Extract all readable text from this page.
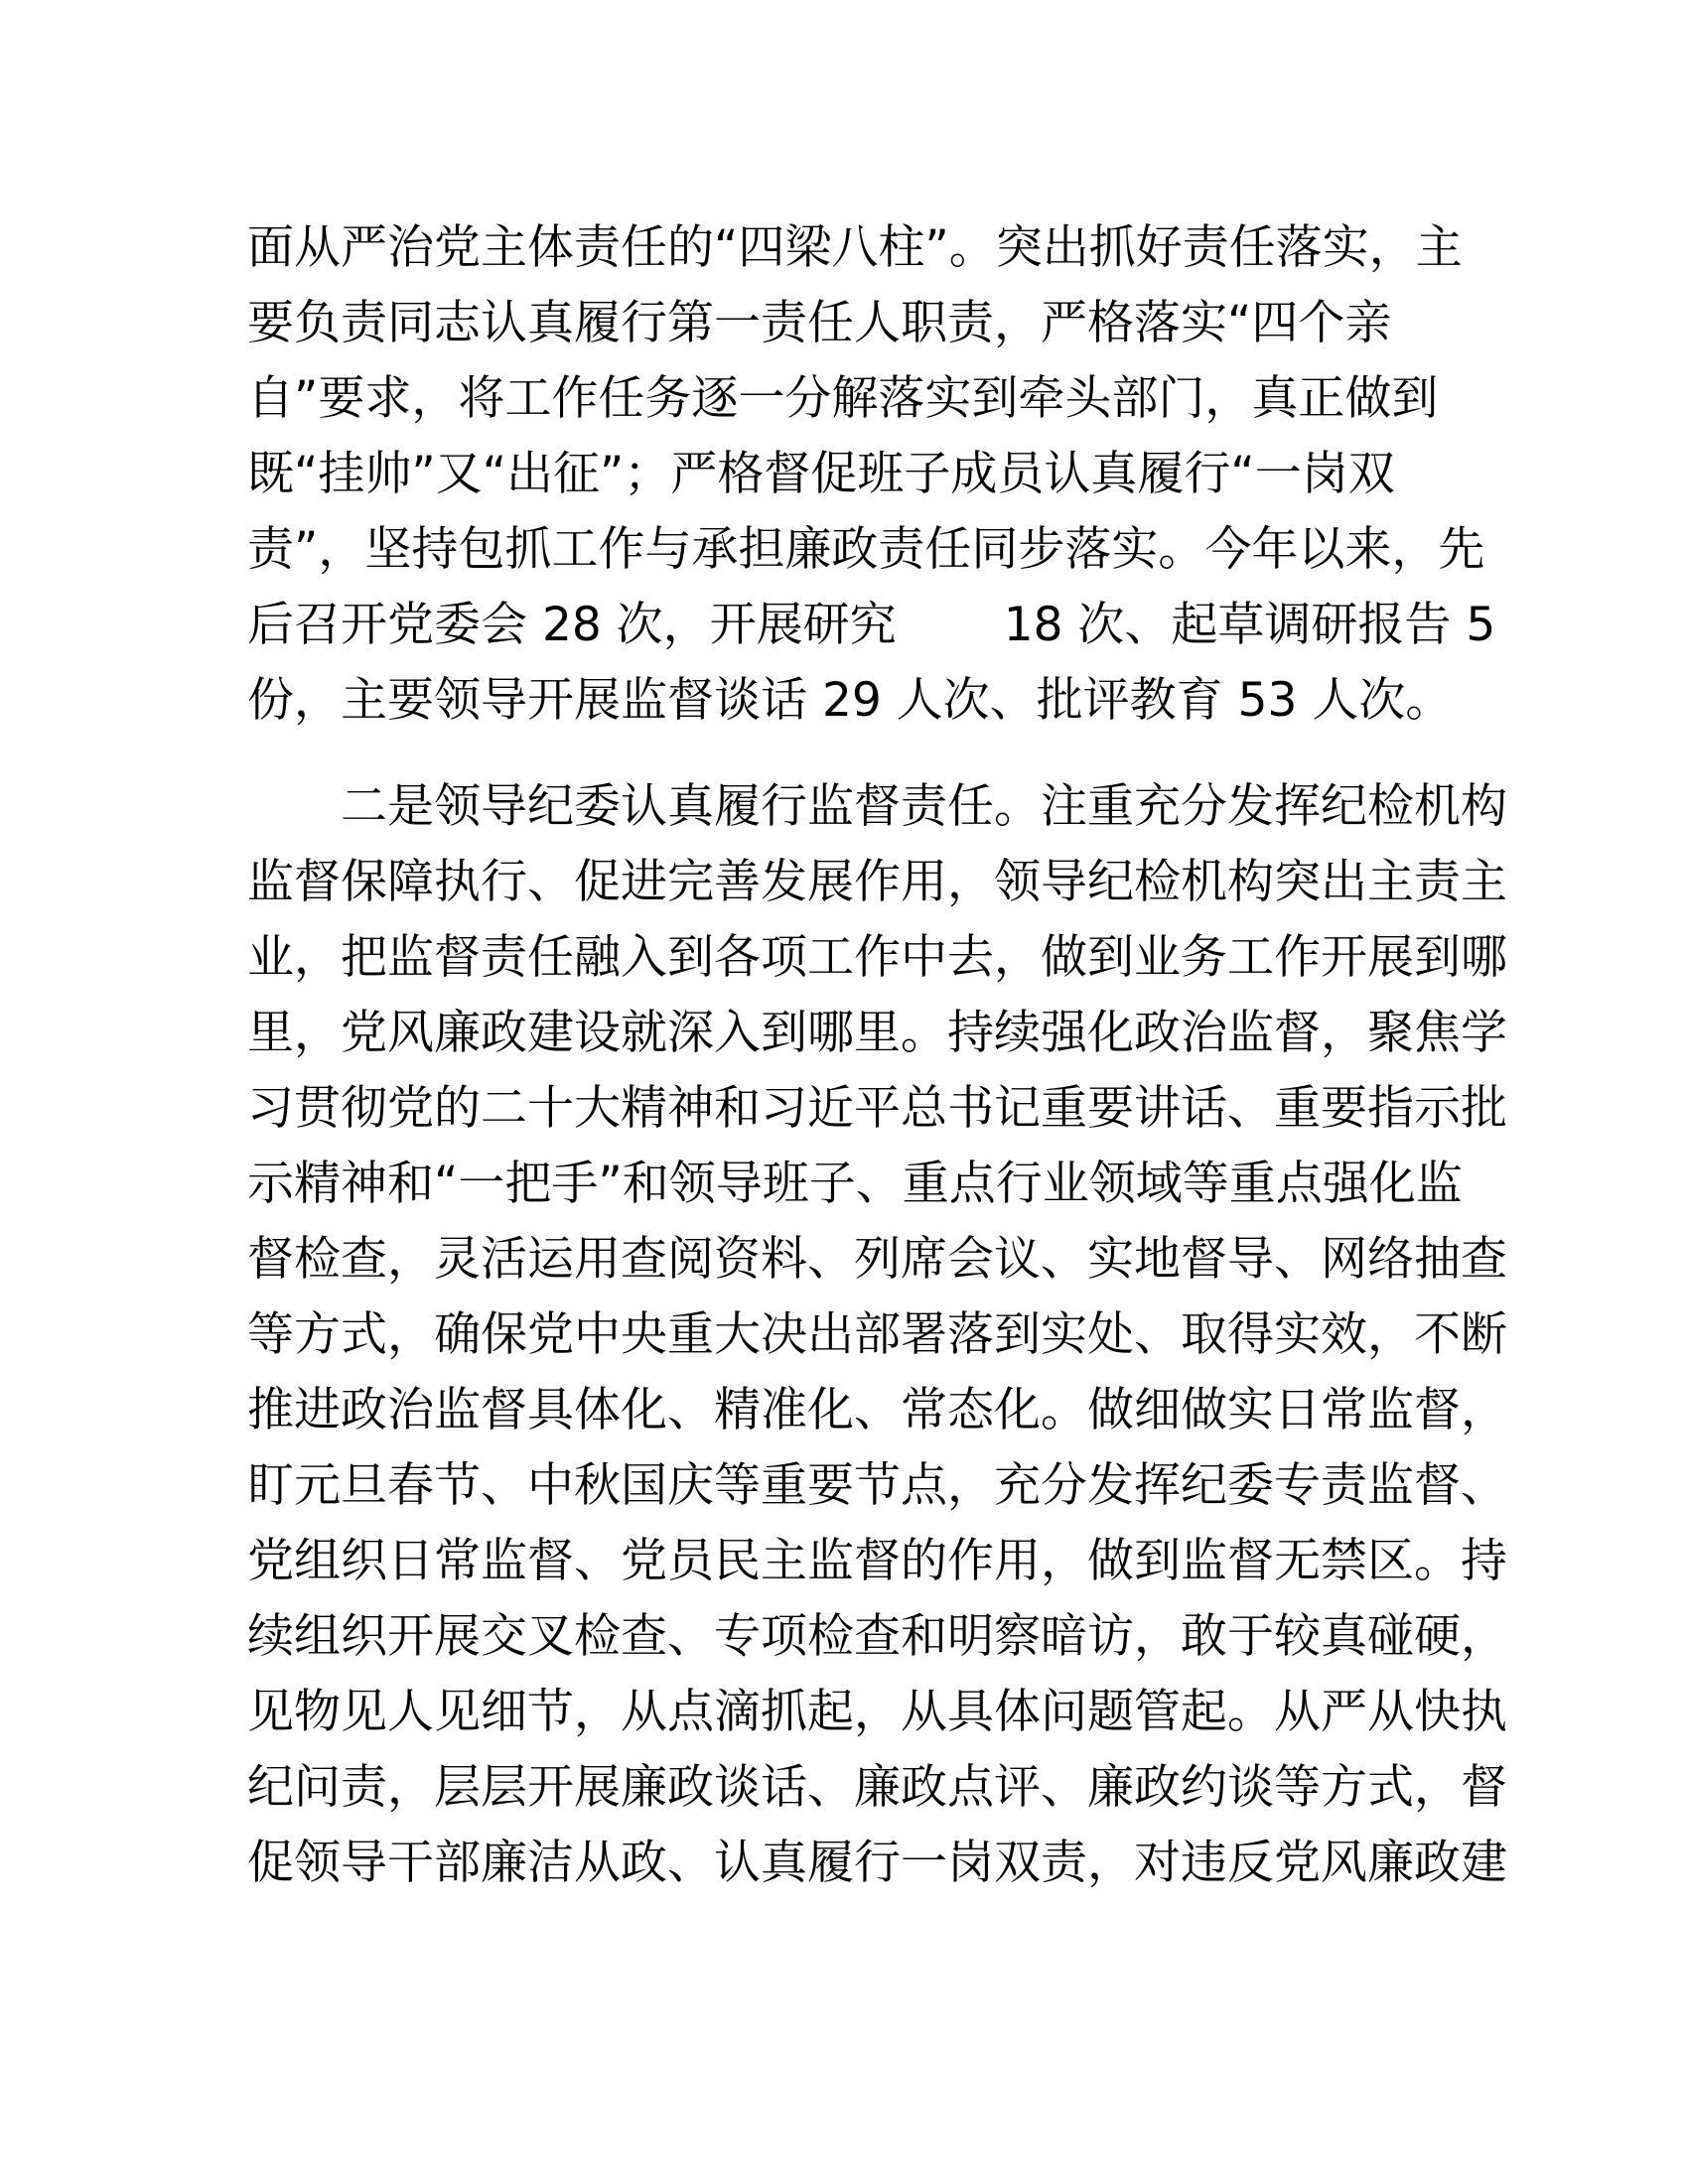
面从严治党主体责任的“四梁八柱”。突出抓好责任落实，主
要负责同志认真履行第一责任人职责，严格落实“四个亲
自”要求，将工作任务逐一分解落实到牵头部门，真正做到
既“挂帅”又“出征”；严格督促班子成员认真履行“一岗双
责”，坚持包抓工作与承担廉政责任同步落实。今年以来，先
后召开党委会 28 次，开展研究 18 次、起草调研报告 5
份，主要领导开展监督谈话 29 人次、批评教育 53 人次。
二是领导纪委认真履行监督责任。注重充分发挥纪检机构
监督保障执行、促进完善发展作用，领导纪检机构突出主责主
业，把监督责任融入到各项工作中去，做到业务工作开展到哪
里，党风廉政建设就深入到哪里。持续强化政治监督，聚焦学
习贯彻党的二十大精神和习近平总书记重要讲话、重要指示批
示精神和“一把手”和领导班子、重点行业领域等重点强化监
督检查，灵活运用查阅资料、列席会议、实地督导、网络抽查
等方式，确保党中央重大决出部署落到实处、取得实效，不断
推进政治监督具体化、精准化、常态化。做细做实日常监督，
盯元旦春节、中秋国庆等重要节点，充分发挥纪委专责监督、
党组织日常监督、党员民主监督的作用，做到监督无禁区。持
续组织开展交叉检查、专项检查和明察暗访，敢于较真碰硬，
见物见人见细节，从点滴抓起，从具体问题管起。从严从快执
纪问责，层层开展廉政谈话、廉政点评、廉政约谈等方式，督
促领导干部廉洁从政、认真履行一岗双责，对违反党风廉政建
